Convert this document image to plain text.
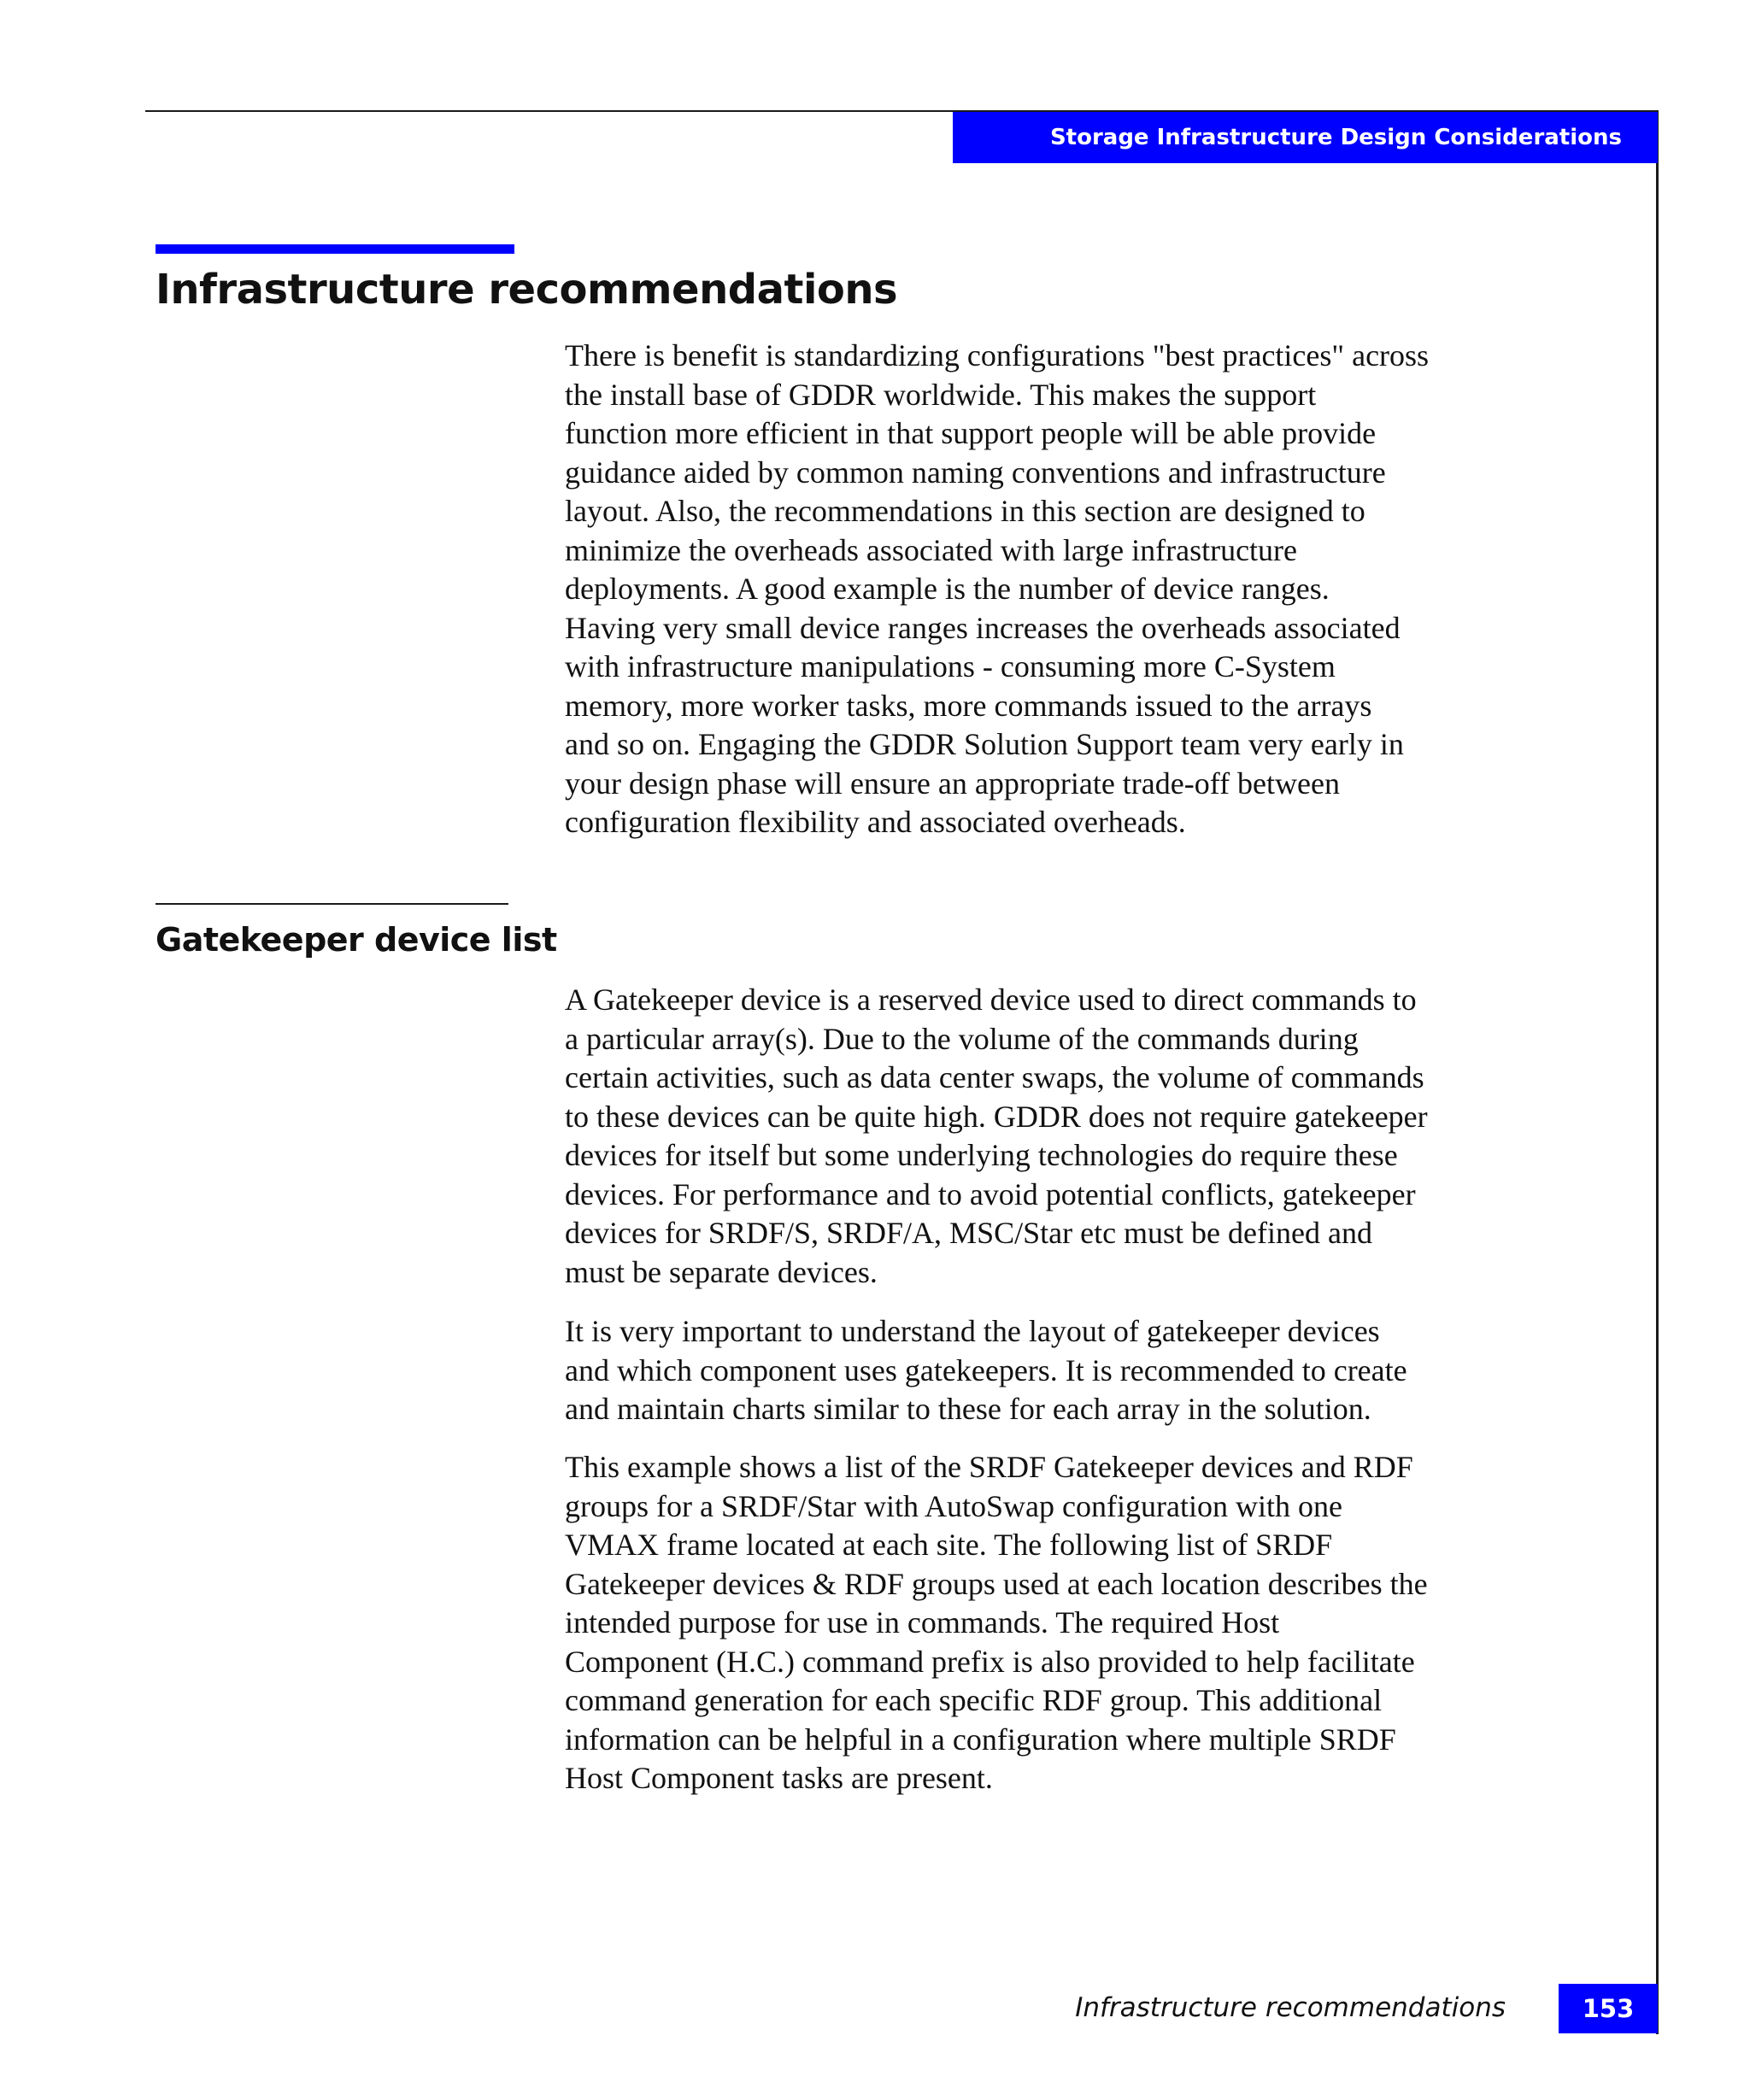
Storage Infrastructure Design Considerations
Infrastructure recommendations

There is benefit is standardizing configurations "best practices" across
the install base of GDDR worldwide. This makes the support
function more efficient in that support people will be able provide
guidance aided by common naming conventions and infrastructure
layout. Also, the recommendations in this section are designed to
minimize the overheads associated with large infrastructure
deployments. A good example is the number of device ranges.
Having very small device ranges increases the overheads associated
with infrastructure manipulations - consuming more C-System
memory, more worker tasks, more commands issued to the arrays
and so on. Engaging the GDDR Solution Support team very early in
your design phase will ensure an appropriate trade-off between
configuration flexibility and associated overheads.

Gatekeeper device list

A Gatekeeper device is a reserved device used to direct commands to
a particular array(s). Due to the volume of the commands during
certain activities, such as data center swaps, the volume of commands
to these devices can be quite high. GDDR does not require gatekeeper
devices for itself but some underlying technologies do require these
devices. For performance and to avoid potential conflicts, gatekeeper
devices for SRDF/S, SRDF/A, MSC/Star etc must be defined and
must be separate devices.

It is very important to understand the layout of gatekeeper devices
and which component uses gatekeepers. It is recommended to create
and maintain charts similar to these for each array in the solution.

This example shows a list of the SRDF Gatekeeper devices and RDF
groups for a SRDF/Star with AutoSwap configuration with one
VMAX frame located at each site. The following list of SRDF
Gatekeeper devices & RDF groups used at each location describes the
intended purpose for use in commands. The required Host
Component (H.C.) command prefix is also provided to help facilitate
command generation for each specific RDF group. This additional
information can be helpful in a configuration where multiple SRDF
Host Component tasks are present.

Infrastructure recommendations	153
